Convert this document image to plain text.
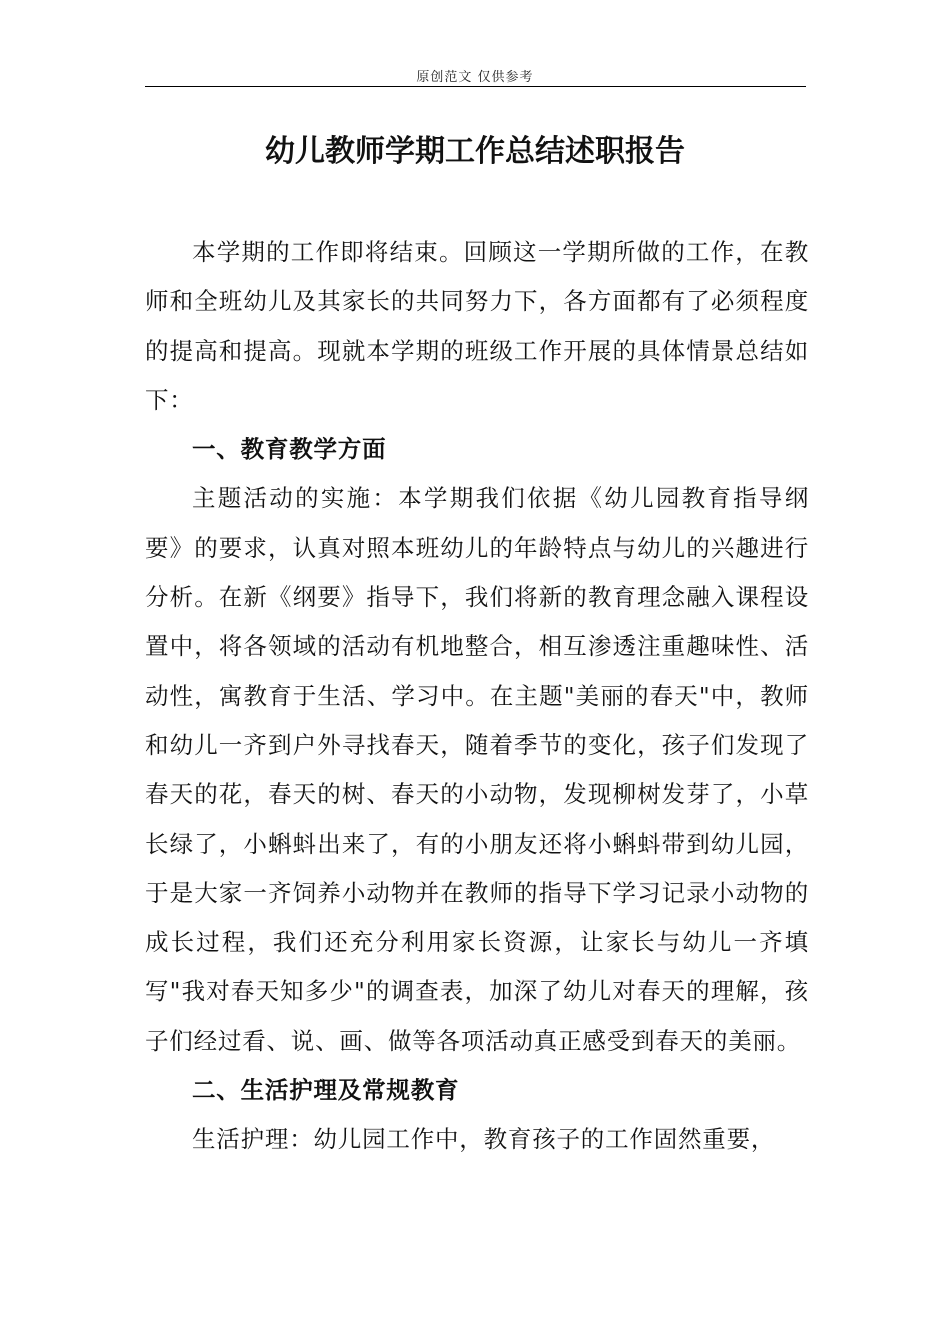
原创范文 仅供参考
幼儿教师学期工作总结述职报告

本学期的工作即将结束。回顾这一学期所做的工作，在教师和全班幼儿及其家长的共同努力下，各方面都有了必须程度的提高和提高。现就本学期的班级工作开展的具体情景总结如下：

一、教育教学方面

主题活动的实施：本学期我们依据《幼儿园教育指导纲要》的要求，认真对照本班幼儿的年龄特点与幼儿的兴趣进行分析。在新《纲要》指导下，我们将新的教育理念融入课程设置中，将各领域的活动有机地整合，相互渗透注重趣味性、活动性，寓教育于生活、学习中。在主题"美丽的春天"中，教师和幼儿一齐到户外寻找春天，随着季节的变化，孩子们发现了春天的花，春天的树、春天的小动物，发现柳树发芽了，小草长绿了，小蝌蚪出来了，有的小朋友还将小蝌蚪带到幼儿园，于是大家一齐饲养小动物并在教师的指导下学习记录小动物的成长过程，我们还充分利用家长资源，让家长与幼儿一齐填写"我对春天知多少"的调查表，加深了幼儿对春天的理解，孩子们经过看、说、画、做等各项活动真正感受到春天的美丽。

二、生活护理及常规教育

生活护理：幼儿园工作中，教育孩子的工作固然重要，
